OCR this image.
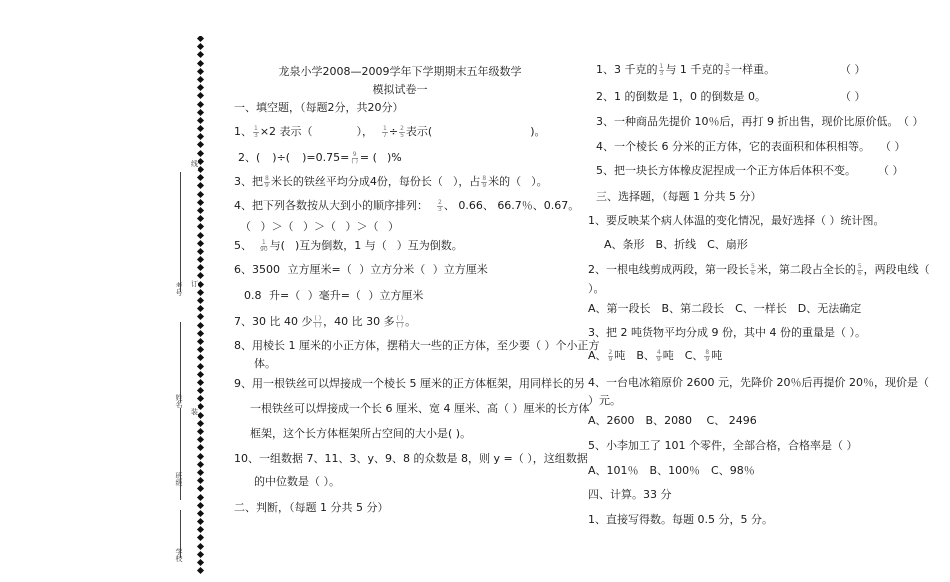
考号
姓名
班级
学校
线
订
装
龙泉小学2008—2009学年下学期期末五年级数学
模拟试卷一
一、填空题，（每题2分，共20分）
1、 $\frac{1}{3} \times 2$ 表示（	）， $\frac{1}{7} \div \frac{2}{5}$ 表示(	)。
2、( )÷( )$=0.75= \frac{9}{( )}$ = ( )%
3、把 $\frac{8}{9}$ 米长的铁丝平均分成4份，每份长（ ），占 $\frac{8}{9}$ 米的（ ）。
4、把下列各数按从大到小的顺序排列： $\frac{2}{3}$ 、 0.66、 66.7％、0.67。
（ ）＞（ ）＞（ ）＞（ ）
5、 $\frac{1}{90}$ 与( )互为倒数，1 与（ ）互为倒数。
6、3500 立方厘米=（ ）立方分米（ ）立方厘米
0.8 升=（ ）毫升=（ ）立方厘米
7、30 比 40 少 $\frac{( )}{( )}$ ，40 比 30 多 $\frac{( )}{( )}$ 。
8、用棱长 1 厘米的小正方体，摆稍大一些的正方体，至少要（ ）个小正方
体。
9、用一根铁丝可以焊接成一个棱长 5 厘米的正方体框架，用同样长的另
一根铁丝可以焊接成一个长 6 厘米、宽 4 厘米、高（ ）厘米的长方体
框架，这个长方体框架所占空间的大小是( )。
10、一组数据 7、11、3、y、9、8 的众数是 8，则 y =（ ），这组数据
的中位数是（ ）。
二、判断，（每题 1 分共 5 分）
1、3 千克的 $\frac{1}{3}$ 与 1 千克的 $\frac{3}{5}$ 一样重。	（ ）
2、1 的倒数是 1，0 的倒数是 0。	（ ）
3、一种商品先提价 10％后，再打 9 折出售，现价比原价低。 （ ）
4、一个棱长 6 分米的正方体，它的表面积和体积相等。 （ ）
5、把一块长方体橡皮泥捏成一个正方体后体积不变。 （ ）
三、选择题，（每题 1 分共 5 分）
1、要反映某个病人体温的变化情况，最好选择（ ）统计图。
A、条形　B、折线　C、扇形
2、一根电线剪成两段，第一段长 $\frac{5}{6}$ 米，第二段占全长的 $\frac{5}{6}$ ，两段电线（
）。
A、第一段长　B、第二段长　C、一样长　D、无法确定
3、把 2 吨货物平均分成 9 份，其中 4 份的重量是（ ）。
A、 $\frac{2}{9}$ 吨　B、 $\frac{4}{9}$ 吨　C、 $\frac{8}{9}$ 吨
4、一台电冰箱原价 2600 元，先降价 20％后再提价 20％，现价是（
）元。
A、2600　B、2080　 C、 2496
5、小李加工了 101 个零件，全部合格，合格率是（ ）
A、101％　B、100％　C、98％
四、计算。33 分
1、直接写得数。每题 0.5 分，5 分。
